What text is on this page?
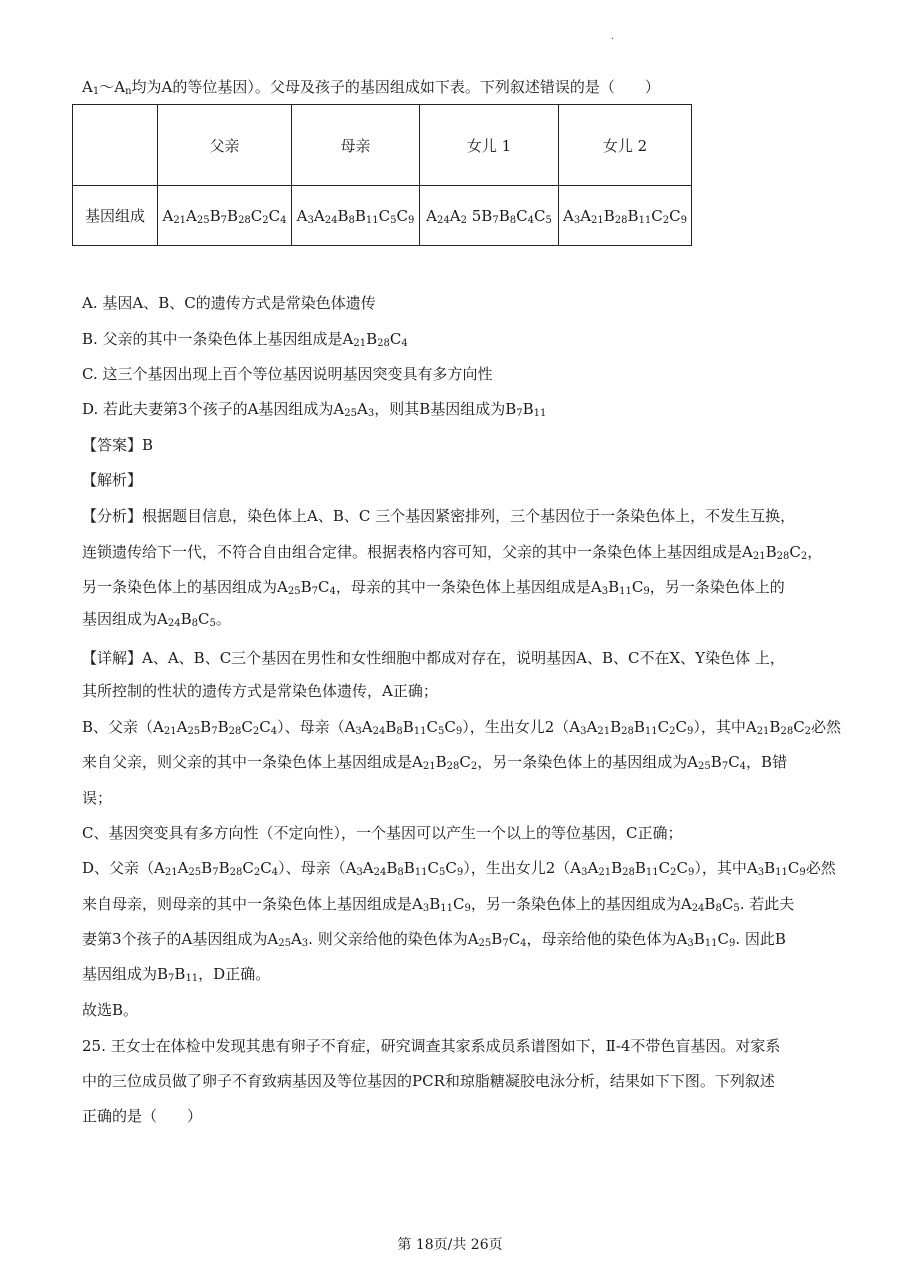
·
$A_1\sim A_n$均为A的等位基因）。父母及孩子的基因组成如下表。下列叙述错误的是（　　）
	父亲	母亲	女儿 1	女儿 2
基因组成	$A_{21}A_{25}B_7B_{28}C_2C_4$	$A_3A_{24}B_8B_{11}C_5C_9$	$A_{24}A_2$ $5B_7B_8C_4C_5$	$A_3A_{21}B_{28}B_{11}C_2C_9$
A. 基因A、B、C的遗传方式是常染色体遗传
B. 父亲的其中一条染色体上基因组成是$A_{21}B_{28}C_4$
C. 这三个基因出现上百个等位基因说明基因突变具有多方向性
D. 若此夫妻第3个孩子的A基因组成为$A_{25}A_3$，则其B基因组成为$B_7B_{11}$
【答案】B
【解析】
【分析】根据题目信息，染色体上A、B、C 三个基因紧密排列，三个基因位于一条染色体上，不发生互换，
连锁遗传给下一代，不符合自由组合定律。根据表格内容可知，父亲的其中一条染色体上基因组成是$A_{21}B_{28}C_2$，
另一条染色体上的基因组成为$A_{25}B_7C_4$，母亲的其中一条染色体上基因组成是$A_3B_{11}C_9$，另一条染色体上的
基因组成为$A_{24}B_8C_5$。
【详解】A、A、B、C三个基因在男性和女性细胞中都成对存在，说明基因A、B、C不在X、Y染色体 上，
其所控制的性状的遗传方式是常染色体遗传，A正确；
B、父亲$(A_{21}A_{25}B_7B_{28}C_2C_4)$、母亲$(A_3A_{24}B_8B_{11}C_5C_9)$，生出女儿$2(A_3A_{21}B_{28}B_{11}C_2C_9)$，其中$A_{21}B_{28}C_2$必然
来自父亲，则父亲的其中一条染色体上基因组成是$A_{21}B_{28}C_2$，另一条染色体上的基因组成为$A_{25}B_7C_4$，B错
误；
C、基因突变具有多方向性（不定向性），一个基因可以产生一个以上的等位基因，C正确；
D、父亲$(A_{21}A_{25}B_7B_{28}C_2C_4)$、母亲$(A_3A_{24}B_8B_{11}C_5C_9)$，生出女儿$2(A_3A_{21}B_{28}B_{11}C_2C_9)$，其中$A_3B_{11}C_9$必然
来自母亲，则母亲的其中一条染色体上基因组成是$A_3B_{11}C_9$，另一条染色体上的基因组成为$A_{24}B_8C_5$. 若此夫
妻第3个孩子的A基因组成为$A_{25}A_3$. 则父亲给他的染色体为$A_{25}B_7C_4$，母亲给他的染色体为$A_3B_{11}C_9$. 因此B
基因组成为$B_7B_{11}$，D正确。
故选B。
25. 王女士在体检中发现其患有卵子不育症，研究调查其家系成员系谱图如下，Ⅱ-4不带色盲基因。对家系
中的三位成员做了卵子不育致病基因及等位基因的PCR和琼脂糖凝胶电泳分析，结果如下下图。下列叙述
正确的是（　　）
第 18页/共 26页
